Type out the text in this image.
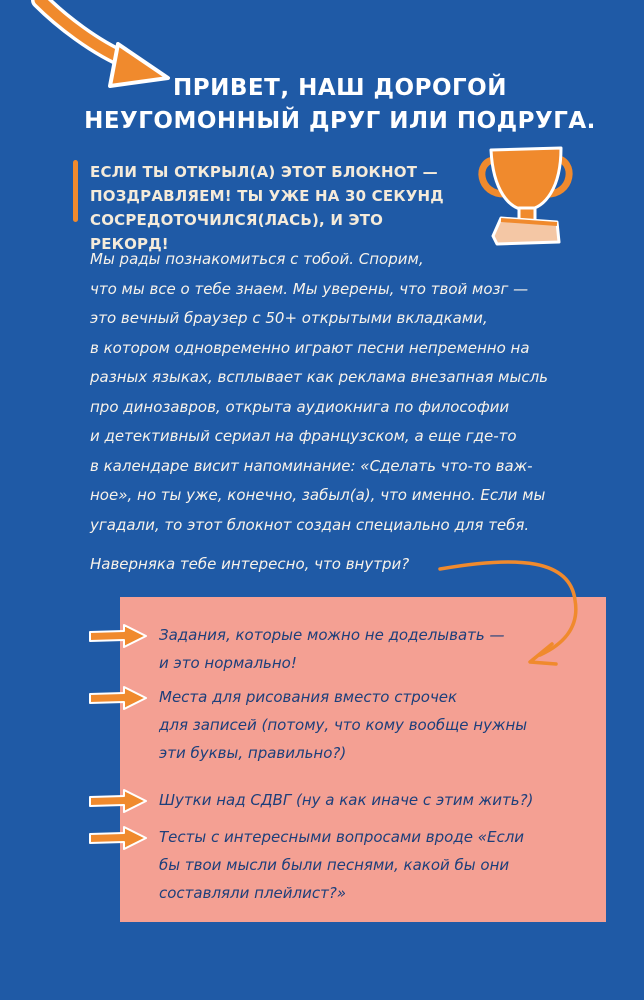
ПРИВЕТ, НАШ ДОРОГОЙ
НЕУГОМОННЫЙ ДРУГ ИЛИ ПОДРУГА.
ЕСЛИ ТЫ ОТКРЫЛ(А) ЭТОТ БЛОКНОТ —
ПОЗДРАВЛЯЕМ! ТЫ УЖЕ НА 30 СЕКУНД
СОСРЕДОТОЧИЛСЯ(ЛАСЬ), И ЭТО РЕКОРД!
Мы рады познакомиться с тобой. Спорим,
что мы все о тебе знаем. Мы уверены, что твой мозг —
это вечный браузер с 50+ открытыми вкладками,
в котором одновременно играют песни непременно на
разных языках, всплывает как реклама внезапная мысль
про динозавров, открыта аудиокнига по философии
и детективный сериал на французском, а еще где-то
в календаре висит напоминание: «Сделать что-то важ-
ное», но ты уже, конечно, забыл(а), что именно. Если мы
угадали, то этот блокнот создан специально для тебя.
Наверняка тебе интересно, что внутри?
Задания, которые можно не доделывать —
и это нормально!
Места для рисования вместо строчек
для записей (потому, что кому вообще нужны
эти буквы, правильно?)
Шутки над СДВГ (ну а как иначе с этим жить?)
Тесты с интересными вопросами вроде «Если
бы твои мысли были песнями, какой бы они
составляли плейлист?»
